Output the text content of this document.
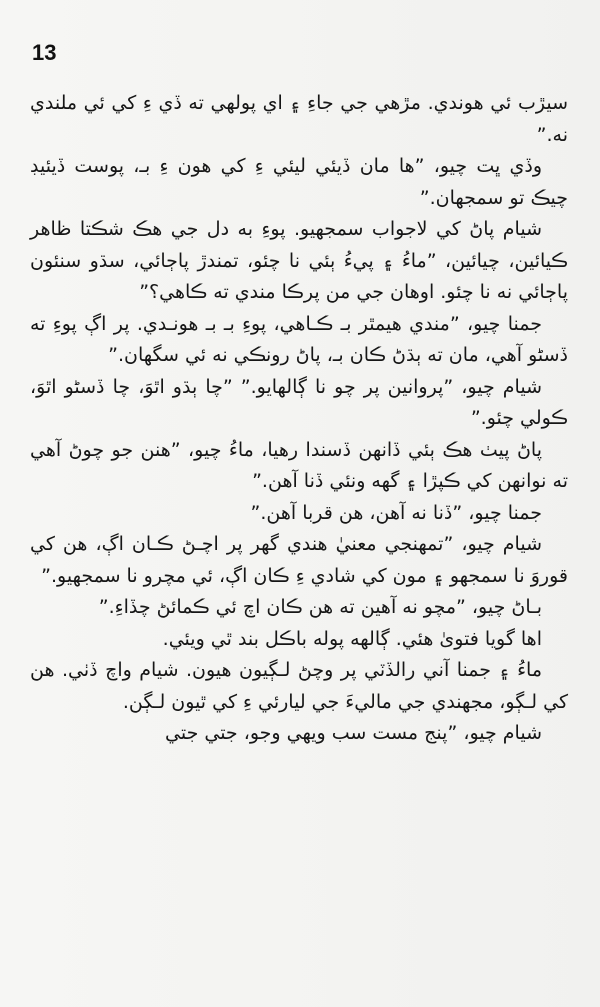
13

سيڙب ئي هوندي. مڙهي جي جاءِ ۽ اي پولهي ته ڏي ءِ کي ئي ملندي نه.”

وڏي ڀت چيو، ”ها مان ڏيئي ليئي ءِ کي هون ءِ بـ، پوست ڏيئيڊ چيڪ تو سمجهان.”

شيام پاڻ کي لاجواب سمجهيو. پوءِ به دل جي هڪ شڪتا ظاهر ڪيائين، چيائين، ”ماءُ ۽ پيءُ ٻئي نا چئو، تمندڙ پاڄائي، سڌو سنئون پاڄائي نه نا چئو. اوهان جي من پرڪا مندي ته ڪاهي؟”

جمنا چيو، ”مندي هيمٿر بـ ڪـاهي، پوءِ بـ بـ هونـدي. پر اڳ پوءِ ته ڏسڻو آهي، مان ته ٻڌڻ ڪان بـ، پاڻ رونڪي نه ئي سگهان.”

شيام چيو، ”پروانين پر چو نا ڳالهايو.” ”چا ٻڌو اٿوَ، چا ڏسڻو اٿوَ، ڪولي چئو.”

پاڻ پيٺ هڪ ٻئي ڏانهن ڏسندا رهيا، ماءُ چيو، ”هنن جو چوڻ آهي ته نوانهن کي ڪپڙا ۽ گهه ونئي ڏنا آهن.”

جمنا چيو، ”ڏنا نه آهن، هن قربا آهن.”

شيام چيو، ”تمهنجي معنيٰ هندي گهر پر اچـڻ ڪـان اڳ، هن کي قوروَ نا سمجهو ۽ مون کي شادي ءِ ڪان اڳ، ئي مچرو نا سمجهيو.”

بـاڻ چيو، ”مچو نه آهين ته هن ڪان اچ ئي ڪمائڻ چڏاءِ.”

اها گويا فتوىٰ هئي. ڳالهه پوله باڪل بند ٿي ويئي.

ماءُ ۽ جمنا آني رالڏٽي پر وچڻ لـڳيون هيون. شيام واچ ڏٺي. هن کي لـڳو، مجهندي جي ماليءَ جي ليارئي ءِ کي ٿيون لـڳن.

شيام چيو، ”پنج مست سب ويهي وجو، جتي جتي
